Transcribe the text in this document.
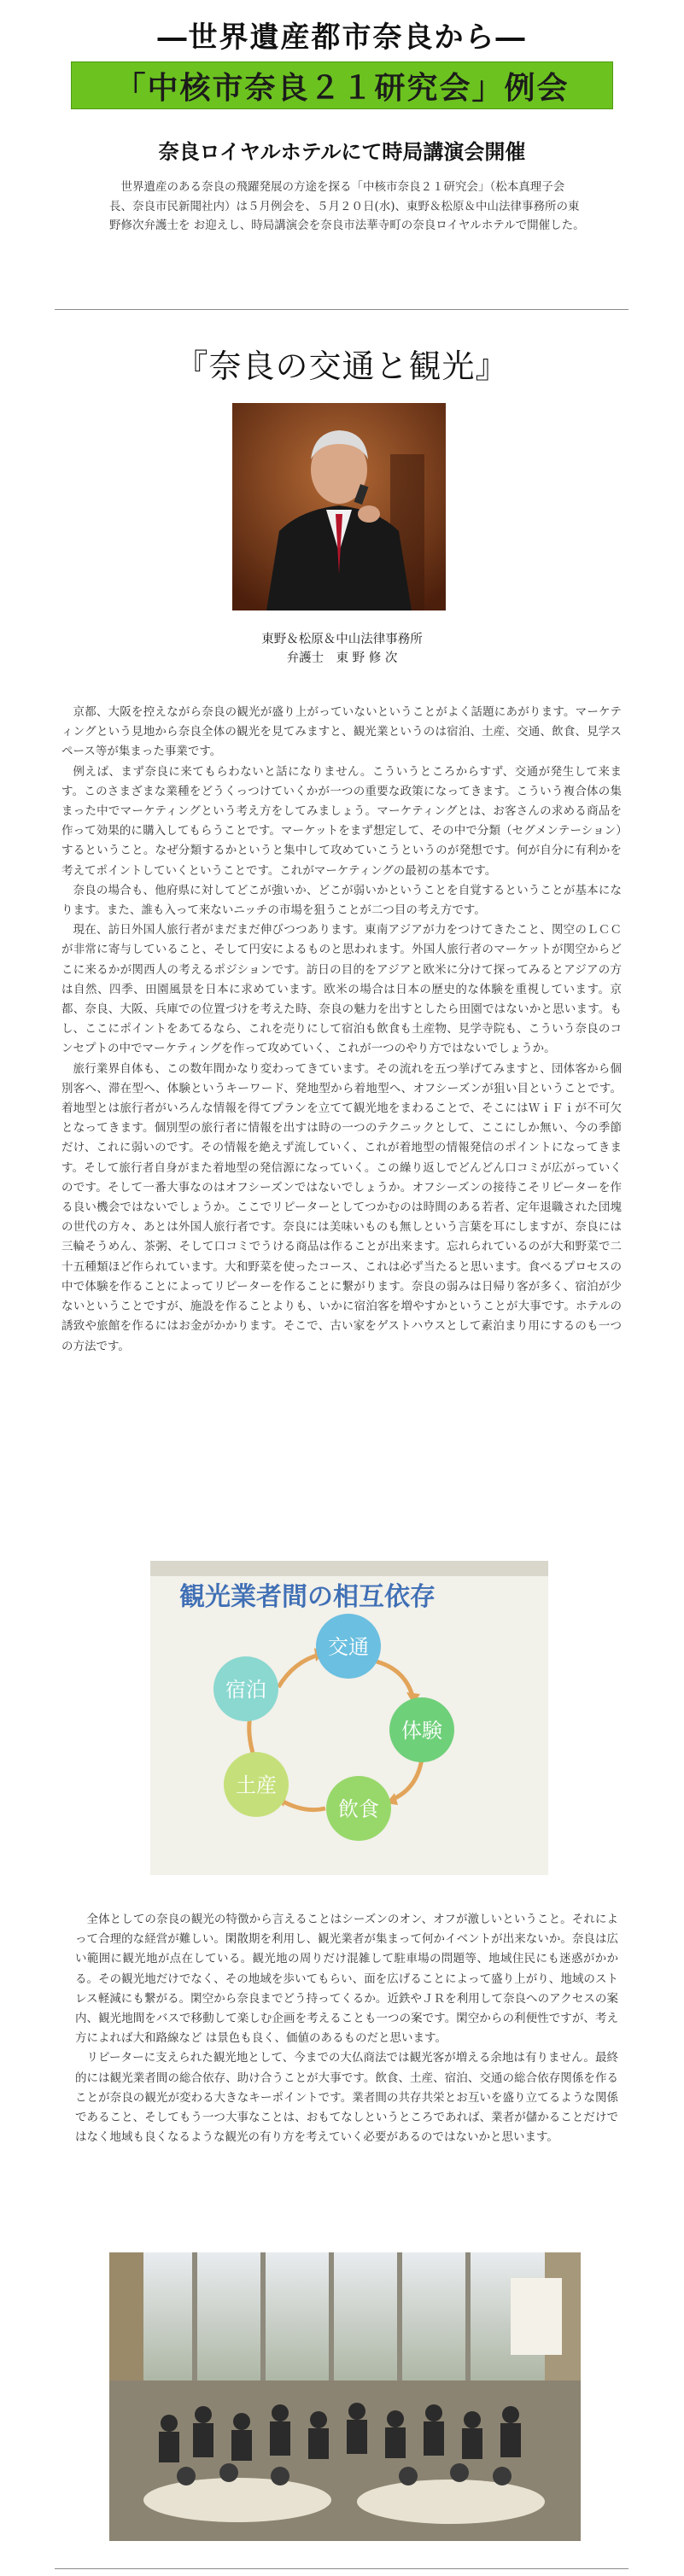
―世界遺産都市奈良から―
「中核市奈良２１研究会」例会
奈良ロイヤルホテルにて時局講演会開催

世界遺産のある奈良の飛躍発展の方途を探る「中核市奈良２１研究会」（松本真理子会長、奈良市民新聞社内）は５月例会を、５月２０日(水)、東野＆松原＆中山法律事務所の東野修次弁護士を お迎えし、時局講演会を奈良市法華寺町の奈良ロイヤルホテルで開催した。

『奈良の交通と観光』
東野＆松原＆中山法律事務所
弁護士　東 野 修 次

京都、大阪を控えながら奈良の観光が盛り上がっていないということがよく話題にあがります。マーケティングという見地から奈良全体の観光を見てみますと、観光業というのは宿泊、土産、交通、飲食、見学スペース等が集まった事業です。

例えば、まず奈良に来てもらわないと話になりません。こういうところからすず、交通が発生して来ます。このさまざまな業種をどうくっつけていくかが一つの重要な政策になってきます。こういう複合体の集まった中でマーケティングという考え方をしてみましょう。マーケティングとは、お客さんの求める商品を作って効果的に購入してもらうことです。マーケットをまず想定して、その中で分類（セグメンテーション）するということ。なぜ分類するかというと集中して攻めていこうというのが発想です。何が自分に有利かを考えてポイントしていくということです。これがマーケティングの最初の基本です。

奈良の場合も、他府県に対してどこが強いか、どこが弱いかということを自覚するということが基本になります。また、誰も入って来ないニッチの市場を狙うことが二つ目の考え方です。

現在、訪日外国人旅行者がまだまだ伸びつつあります。東南アジアが力をつけてきたこと、関空のＬＣＣが非常に寄与していること、そして円安によるものと思われます。外国人旅行者のマーケットが関空からどこに来るかが関西人の考えるポジションです。訪日の目的をアジアと欧米に分けて探ってみるとアジアの方は自然、四季、田園風景を日本に求めています。欧米の場合は日本の歴史的な体験を重視しています。京都、奈良、大阪、兵庫での位置づけを考えた時、奈良の魅力を出すとしたら田園ではないかと思います。もし、ここにポイントをあてるなら、これを売りにして宿泊も飲食も土産物、見学寺院も、こういう奈良のコンセプトの中でマーケティングを作って攻めていく、これが一つのやり方ではないでしょうか。

旅行業界自体も、この数年間かなり変わってきています。その流れを五つ挙げてみますと、団体客から個別客へ、滞在型へ、体験というキーワード、発地型から着地型へ、オフシーズンが狙い目ということです。着地型とは旅行者がいろんな情報を得てプランを立てて観光地をまわることで、そこにはＷｉＦｉが不可欠となってきます。個別型の旅行者に情報を出すは時の一つのテクニックとして、ここにしか無い、今の季節だけ、これに弱いのです。その情報を絶えず流していく、これが着地型の情報発信のポイントになってきます。そして旅行者自身がまた着地型の発信源になっていく。この繰り返しでどんどん口コミが広がっていくのです。そして一番大事なのはオフシーズンではないでしょうか。オフシーズンの接待こそリピーターを作る良い機会ではないでしょうか。ここでリピーターとしてつかむのは時間のある若者、定年退職された団塊の世代の方々、あとは外国人旅行者です。奈良には美味いものも無しという言葉を耳にしますが、奈良には三輪そうめん、茶粥、そして口コミでうける商品は作ることが出来ます。忘れられているのが大和野菜で二十五種類ほど作られています。大和野菜を使ったコース、これは必ず当たると思います。食べるプロセスの中で体験を作ることによってリピーターを作ることに繋がります。奈良の弱みは日帰り客が多く、宿泊が少ないということですが、施設を作ることよりも、いかに宿泊客を増やすかということが大事です。ホテルの誘致や旅館を作るにはお金がかかります。そこで、古い家をゲストハウスとして素泊まり用にするのも一つの方法です。

観光業者間の相互依存
交通
体験
飲食
土産
宿泊

全体としての奈良の観光の特徴から言えることはシーズンのオン、オフが激しいということ。それによって合理的な経営が難しい。閑散期を利用し、観光業者が集まって何かイベントが出来ないか。奈良は広い範囲に観光地が点在している。観光地の周りだけ混雑して駐車場の問題等、地域住民にも迷惑がかかる。その観光地だけでなく、その地域を歩いてもらい、面を広げることによって盛り上がり、地域のストレス軽減にも繋がる。閑空から奈良までどう持ってくるか。近鉄やＪＲを利用して奈良へのアクセスの案内、観光地間をバスで移動して楽しむ企画を考えることも一つの案です。閑空からの利便性ですが、考え方によれば大和路線など は景色も良く、価値のあるものだと思います。

リピーターに支えられた観光地として、今までの大仏商法では観光客が増える余地は有りません。最終的には観光業者間の総合依存、助け合うことが大事です。飲食、土産、宿泊、交通の総合依存関係を作ることが奈良の観光が変わる大きなキーポイントです。業者間の共存共栄とお互いを盛り立てるような関係であること、そしてもう一つ大事なことは、おもてなしというところであれば、業者が儲かることだけではなく地域も良くなるような観光の有り方を考えていく必要があるのではないかと思います。
